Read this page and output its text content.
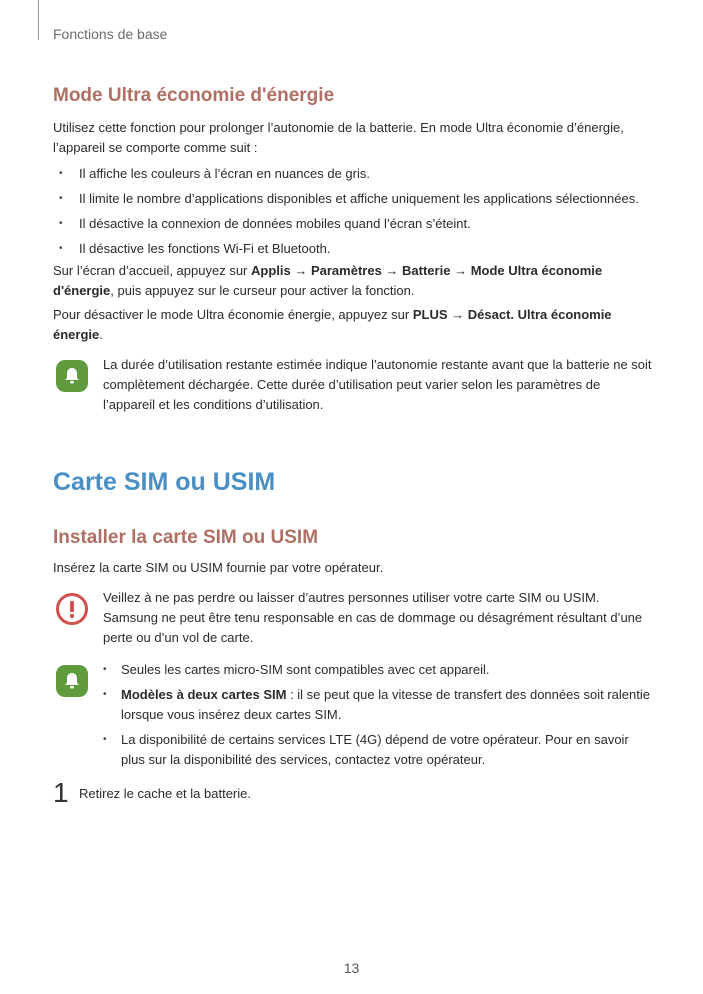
Fonctions de base
Mode Ultra économie d'énergie

Utilisez cette fonction pour prolonger l’autonomie de la batterie. En mode Ultra économie d’énergie, l’appareil se comporte comme suit :

• Il affiche les couleurs à l’écran en nuances de gris.
• Il limite le nombre d’applications disponibles et affiche uniquement les applications sélectionnées.
• Il désactive la connexion de données mobiles quand l’écran s’éteint.
• Il désactive les fonctions Wi-Fi et Bluetooth.

Sur l’écran d’accueil, appuyez sur Applis → Paramètres → Batterie → Mode Ultra économie d'énergie, puis appuyez sur le curseur pour activer la fonction.

Pour désactiver le mode Ultra économie énergie, appuyez sur PLUS → Désact. Ultra économie énergie.

La durée d’utilisation restante estimée indique l’autonomie restante avant que la batterie ne soit complètement déchargée. Cette durée d’utilisation peut varier selon les paramètres de l’appareil et les conditions d’utilisation.

Carte SIM ou USIM
Installer la carte SIM ou USIM

Insérez la carte SIM ou USIM fournie par votre opérateur.

Veillez à ne pas perdre ou laisser d’autres personnes utiliser votre carte SIM ou USIM. Samsung ne peut être tenu responsable en cas de dommage ou désagrément résultant d’une perte ou d’un vol de carte.

• Seules les cartes micro-SIM sont compatibles avec cet appareil.
• Modèles à deux cartes SIM : il se peut que la vitesse de transfert des données soit ralentie lorsque vous insérez deux cartes SIM.
• La disponibilité de certains services LTE (4G) dépend de votre opérateur. Pour en savoir plus sur la disponibilité des services, contactez votre opérateur.
1 Retirez le cache et la batterie.

13
